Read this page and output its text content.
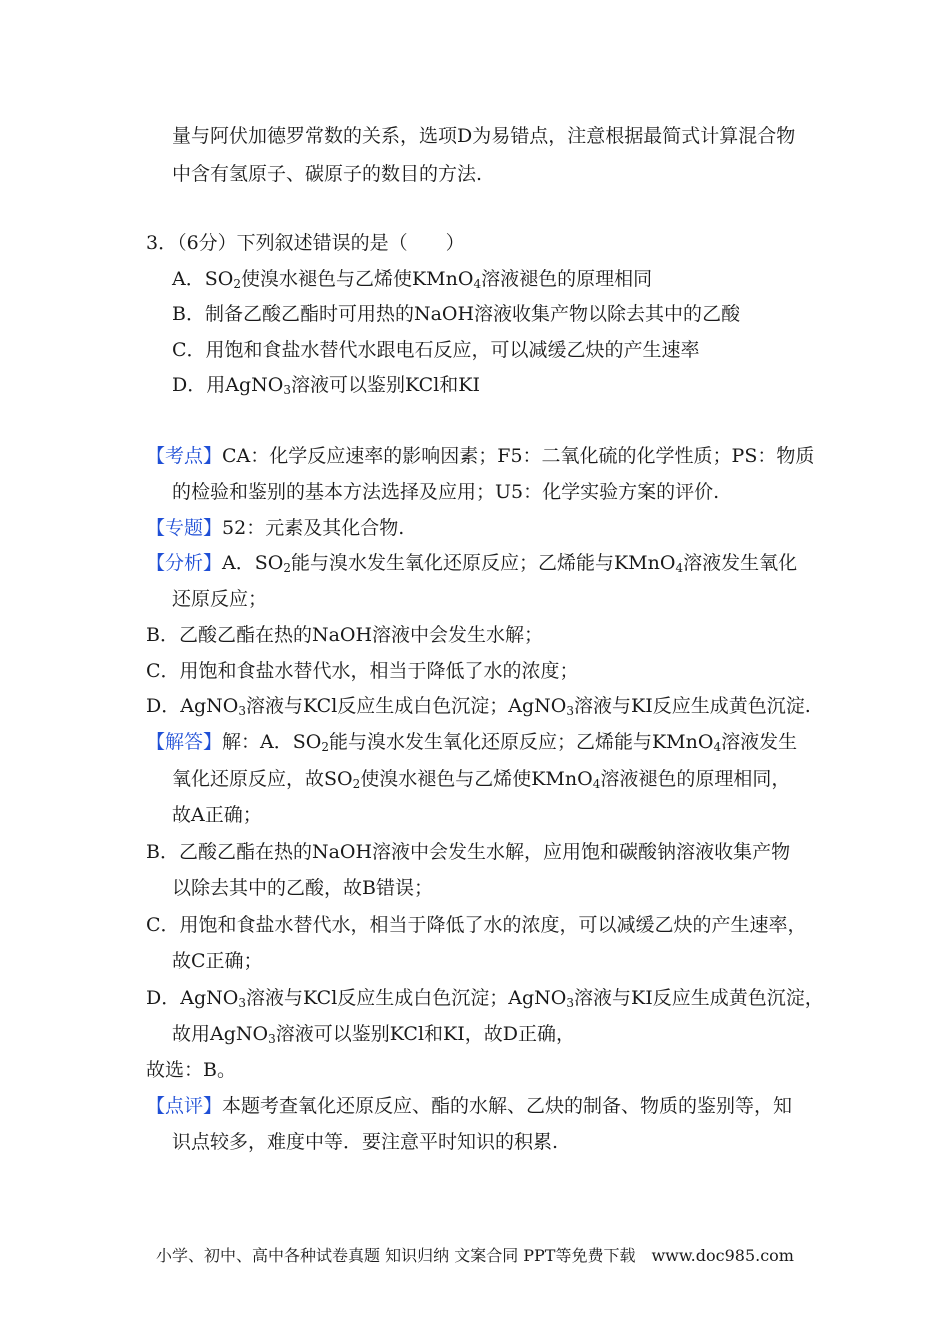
量与阿伏加德罗常数的关系，选项D为易错点，注意根据最简式计算混合物
中含有氢原子、碳原子的数目的方法.
3．（6分）下列叙述错误的是（　　）
A．$SO_2$使溴水褪色与乙烯使KMnO$_4$溶液褪色的原理相同
B．制备乙酸乙酯时可用热的NaOH溶液收集产物以除去其中的乙酸
C．用饱和食盐水替代水跟电石反应，可以减缓乙炔的产生速率
D．用AgNO$_3$溶液可以鉴别KCl和KI
【考点】CA：化学反应速率的影响因素；F5：二氧化硫的化学性质；PS：物质
的检验和鉴别的基本方法选择及应用；U5：化学实验方案的评价.
【专题】52：元素及其化合物.
【分析】A．$SO_2$能与溴水发生氧化还原反应；乙烯能与KMnO$_4$溶液发生氧化
还原反应；
B．乙酸乙酯在热的NaOH溶液中会发生水解；
C．用饱和食盐水替代水，相当于降低了水的浓度；
D．AgNO$_3$溶液与KCl反应生成白色沉淀；AgNO$_3$溶液与KI反应生成黄色沉淀.
【解答】解：A．$SO_2$能与溴水发生氧化还原反应；乙烯能与KMnO$_4$溶液发生
氧化还原反应，故$SO_2$使溴水褪色与乙烯使KMnO$_4$溶液褪色的原理相同，
故A正确；
B．乙酸乙酯在热的NaOH溶液中会发生水解，应用饱和碳酸钠溶液收集产物
以除去其中的乙酸，故B错误；
C．用饱和食盐水替代水，相当于降低了水的浓度，可以减缓乙炔的产生速率，
故C正确；
D．AgNO$_3$溶液与KCl反应生成白色沉淀；AgNO$_3$溶液与KI反应生成黄色沉淀，
故用AgNO$_3$溶液可以鉴别KCl和KI，故D正确，
故选：B。
【点评】本题考查氧化还原反应、酯的水解、乙炔的制备、物质的鉴别等，知
识点较多，难度中等．要注意平时知识的积累.
小学、初中、高中各种试卷真题 知识归纳 文案合同 PPT等免费下载　www.doc985.com
